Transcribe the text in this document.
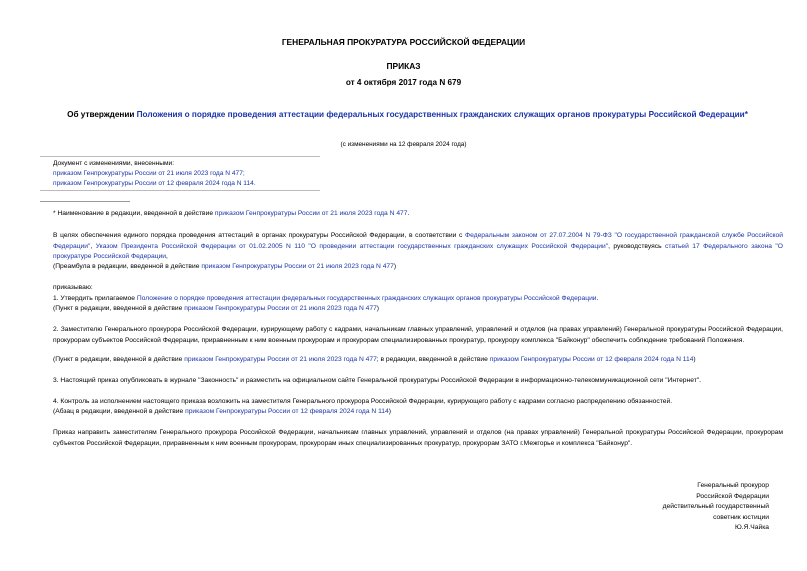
ГЕНЕРАЛЬНАЯ ПРОКУРАТУРА РОССИЙСКОЙ ФЕДЕРАЦИИ
ПРИКАЗ
от 4 октября 2017 года N 679
Об утверждении Положения о порядке проведения аттестации федеральных государственных гражданских служащих органов прокуратуры Российской Федерации*
(с изменениями на 12 февраля 2024 года)
Документ с изменениями, внесенными:
приказом Генпрокуратуры России от 21 июля 2023 года N 477;
приказом Генпрокуратуры России от 12 февраля 2024 года N 114.
* Наименование в редакции, введенной в действие приказом Генпрокуратуры России от 21 июля 2023 года N 477.
В целях обеспечения единого порядка проведения аттестаций в органах прокуратуры Российской Федерации, в соответствии с Федеральным законом от 27.07.2004 N 79-ФЗ "О государственной гражданской службе Российской Федерации", Указом Президента Российской Федерации от 01.02.2005 N 110 "О проведении аттестации государственных гражданских служащих Российской Федерации", руководствуясь статьей 17 Федерального закона "О прокуратуре Российской Федерации,
(Преамбула в редакции, введенной в действие приказом Генпрокуратуры России от 21 июля 2023 года N 477)
приказываю:
1. Утвердить прилагаемое Положение о порядке проведения аттестации федеральных государственных гражданских служащих органов прокуратуры Российской Федерации.
(Пункт в редакции, введенной в действие приказом Генпрокуратуры России от 21 июля 2023 года N 477)
2. Заместителю Генерального прокурора Российской Федерации, курирующему работу с кадрами, начальникам главных управлений, управлений и отделов (на правах управлений) Генеральной прокуратуры Российской Федерации, прокурорам субъектов Российской Федерации, приравненным к ним военным прокурорам и прокурорам специализированных прокуратур, прокурору комплекса "Байконур" обеспечить соблюдение требований Положения.
(Пункт в редакции, введенной в действие приказом Генпрокуратуры России от 21 июля 2023 года N 477; в редакции, введенной в действие приказом Генпрокуратуры России от 12 февраля 2024 года N 114)
3. Настоящий приказ опубликовать в журнале "Законность" и разместить на официальном сайте Генеральной прокуратуры Российской Федерации в информационно-телекоммуникационной сети "Интернет".
4. Контроль за исполнением настоящего приказа возложить на заместителя Генерального прокурора Российской Федерации, курирующего работу с кадрами согласно распределению обязанностей.
(Абзац в редакции, введенной в действие приказом Генпрокуратуры России от 12 февраля 2024 года N 114)
Приказ направить заместителям Генерального прокурора Российской Федерации, начальникам главных управлений, управлений и отделов (на правах управлений) Генеральной прокуратуры Российской Федерации, прокурорам субъектов Российской Федерации, приравненным к ним военным прокурорам, прокурорам иных специализированных прокуратур, прокурорам ЗАТО г.Межгорье и комплекса "Байконур".
Генеральный прокурор
Российской Федерации
действительный государственный
советник юстиции
Ю.Я.Чайка
